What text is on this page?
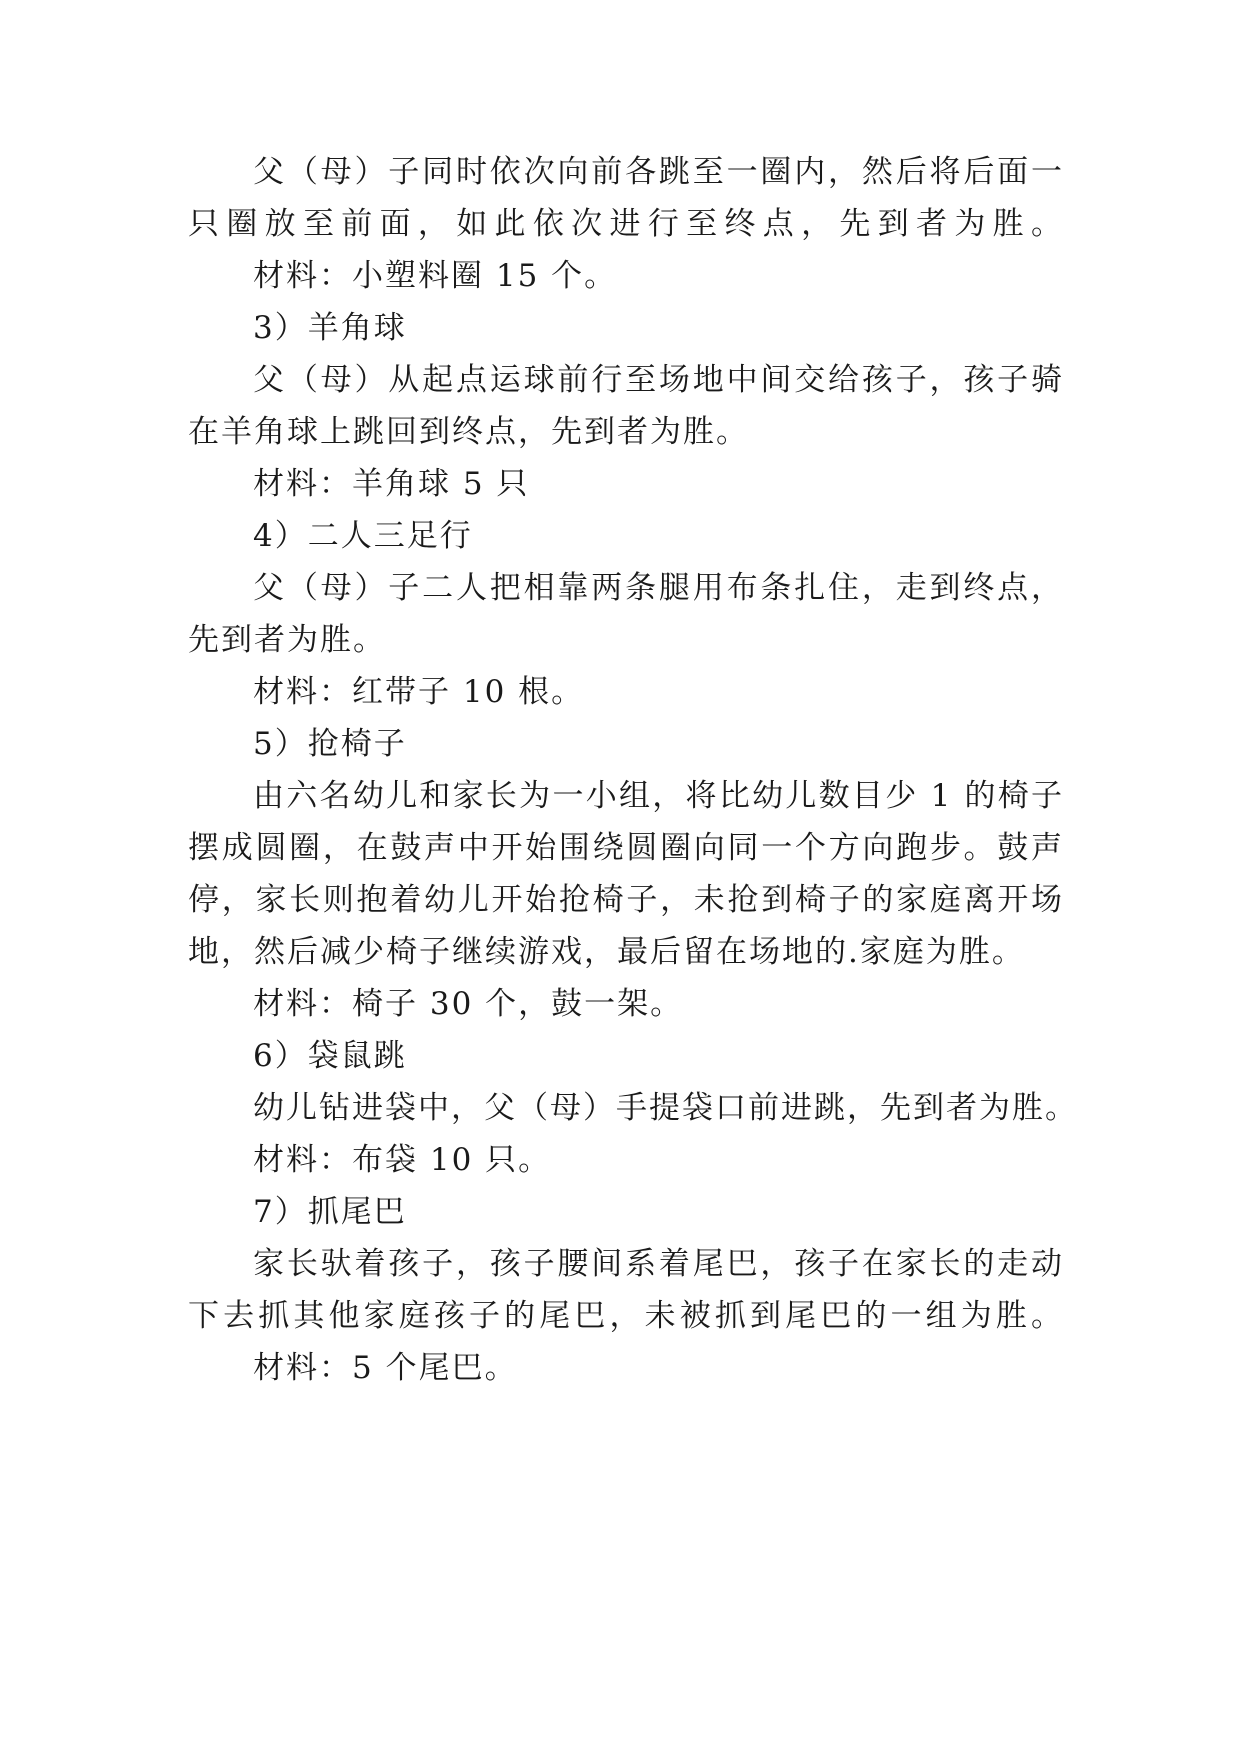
父（母）子同时依次向前各跳至一圈内，然后将后面一
只圈放至前面，如此依次进行至终点，先到者为胜。
材料：小塑料圈 15 个。
3）羊角球
父（母）从起点运球前行至场地中间交给孩子，孩子骑
在羊角球上跳回到终点，先到者为胜。
材料：羊角球 5 只
4）二人三足行
父（母）子二人把相靠两条腿用布条扎住，走到终点，
先到者为胜。
材料：红带子 10 根。
5）抢椅子
由六名幼儿和家长为一小组，将比幼儿数目少 1 的椅子
摆成圆圈，在鼓声中开始围绕圆圈向同一个方向跑步。鼓声
停，家长则抱着幼儿开始抢椅子，未抢到椅子的家庭离开场
地，然后减少椅子继续游戏，最后留在场地的.家庭为胜。
材料：椅子 30 个，鼓一架。
6）袋鼠跳
幼儿钻进袋中，父（母）手提袋口前进跳，先到者为胜。
材料：布袋 10 只。
7）抓尾巴
家长驮着孩子，孩子腰间系着尾巴，孩子在家长的走动
下去抓其他家庭孩子的尾巴，未被抓到尾巴的一组为胜。
材料：5 个尾巴。
